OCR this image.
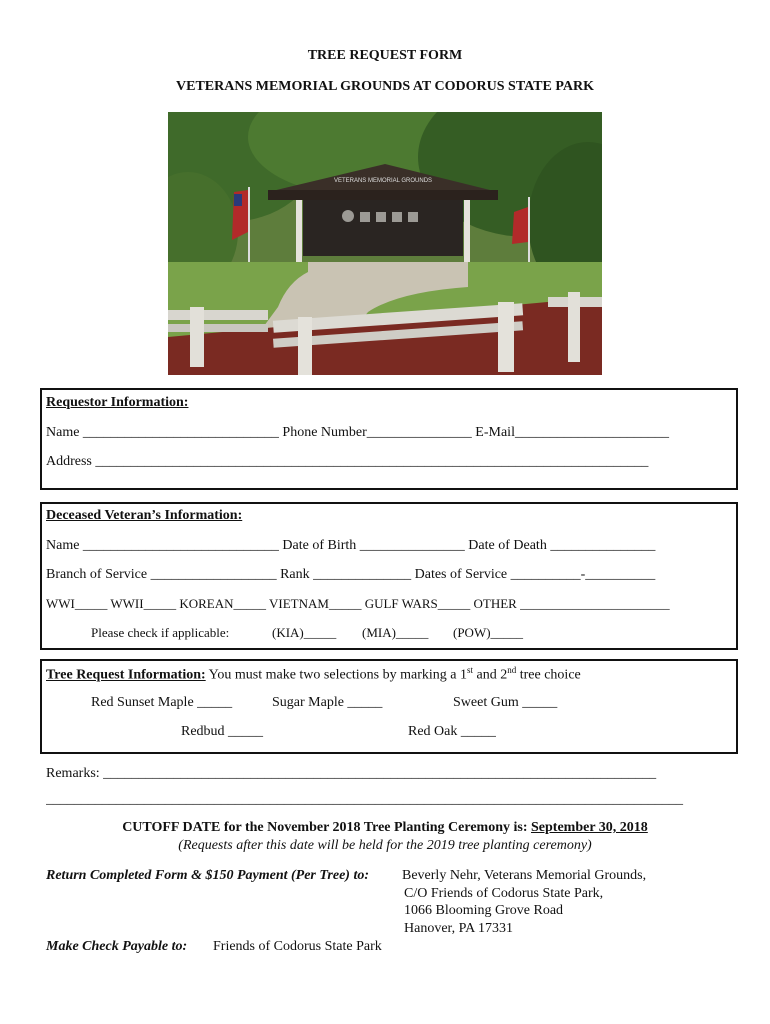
TREE REQUEST FORM
VETERANS MEMORIAL GROUNDS AT CODORUS STATE PARK
VETERANS MEMORIAL GROUNDS
Requestor Information:
Name ____________________________ Phone Number_______________ E-Mail______________________
Address _______________________________________________________________________________
Deceased Veteran’s Information:
Name ____________________________ Date of Birth _______________ Date of Death _______________
Branch of Service __________________ Rank ______________ Dates of Service __________-__________
WWI_____ WWII_____ KOREAN_____ VIETNAM_____ GULF WARS_____ OTHER _______________________
Please check if applicable:	(KIA)_____ (MIA)_____ (POW)_____
Tree Request Information: You must make two selections by marking a 1st and 2nd tree choice
Red Sunset Maple _____	Sugar Maple _____	Sweet Gum _____
Redbud _____	Red Oak _____
Remarks: _______________________________________________________________________________
___________________________________________________________________________________________
CUTOFF DATE for the November 2018 Tree Planting Ceremony is: September 30, 2018
(Requests after this date will be held for the 2019 tree planting ceremony)
Return Completed Form & $150 Payment (Per Tree) to: Beverly Nehr, Veterans Memorial Grounds,
C/O Friends of Codorus State Park,
1066 Blooming Grove Road
Hanover, PA 17331
Make Check Payable to: Friends of Codorus State Park
